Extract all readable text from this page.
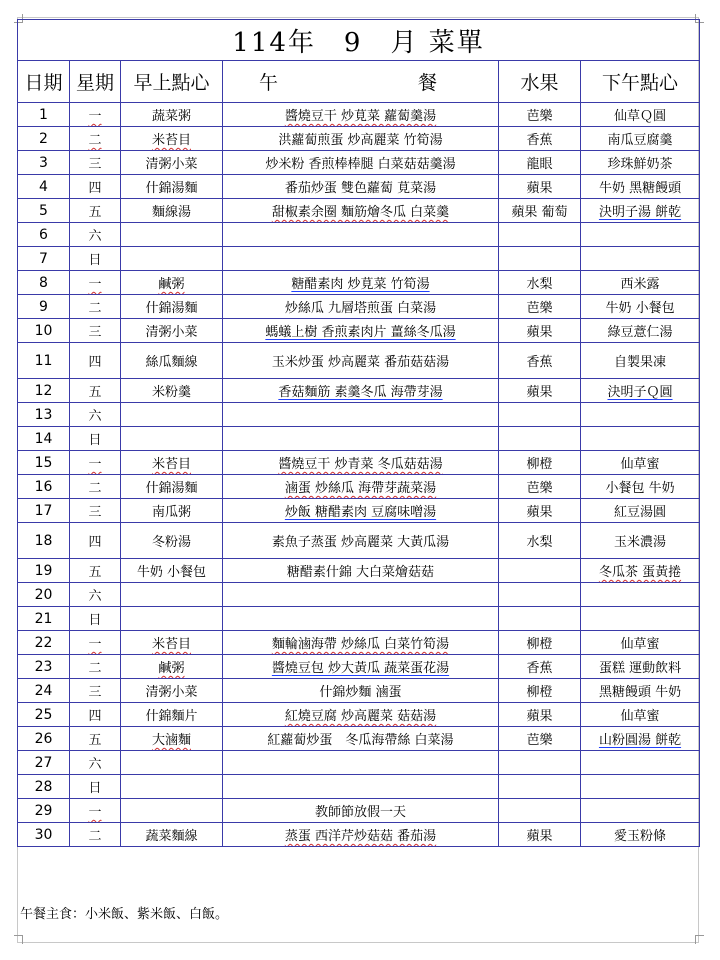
114年　9　月 菜單					
日期	星期	早上點心	午 餐	水果	下午點心
1	一	蔬菜粥	醬燒豆干 炒莧菜 蘿蔔羹湯	芭樂	仙草Ｑ圓
2	二	米苔目	洪蘿蔔煎蛋 炒高麗菜 竹筍湯	香蕉	南瓜豆腐羹
3	三	清粥小菜	炒米粉 香煎棒棒腿 白菜菇菇羹湯	龍眼	珍珠鮮奶茶
4	四	什錦湯麵	番茄炒蛋 雙色蘿蔔 莧菜湯	蘋果	牛奶 黑糖饅頭
5	五	麵線湯	甜椒素余圈 麵筋燴冬瓜 白菜羹	蘋果 葡萄	決明子湯 餅乾
6	六				
7	日				
8	一	鹹粥	糖醋素肉 炒莧菜 竹筍湯	水梨	西米露
9	二	什錦湯麵	炒絲瓜 九層塔煎蛋 白菜湯	芭樂	牛奶 小餐包
10	三	清粥小菜	螞蟻上樹 香煎素肉片 薑絲冬瓜湯	蘋果	綠豆薏仁湯
11	四	絲瓜麵線	玉米炒蛋 炒高麗菜 番茄菇菇湯	香蕉	自製果凍
12	五	米粉羹	香菇麵筋 素羹冬瓜 海帶芽湯	蘋果	決明子Ｑ圓
13	六				
14	日				
15	一	米苔目	醬燒豆干 炒青菜 冬瓜菇菇湯	柳橙	仙草蜜
16	二	什錦湯麵	滷蛋 炒絲瓜 海帶芽蔬菜湯	芭樂	小餐包 牛奶
17	三	南瓜粥	炒飯 糖醋素肉 豆腐味噌湯	蘋果	紅豆湯圓
18	四	冬粉湯	素魚子蒸蛋 炒高麗菜 大黃瓜湯	水梨	玉米濃湯
19	五	牛奶 小餐包	糖醋素什錦 大白菜燴菇菇		冬瓜茶 蛋黃捲
20	六				
21	日				
22	一	米苔目	麵輪滷海帶 炒絲瓜 白菜竹筍湯	柳橙	仙草蜜
23	二	鹹粥	醬燒豆包 炒大黃瓜 蔬菜蛋花湯	香蕉	蛋糕 運動飲料
24	三	清粥小菜	什錦炒麵 滷蛋	柳橙	黑糖饅頭 牛奶
25	四	什錦麵片	紅燒豆腐 炒高麗菜 菇菇湯	蘋果	仙草蜜
26	五	大滷麵	紅蘿蔔炒蛋　冬瓜海帶絲 白菜湯	芭樂	山粉圓湯 餅乾
27	六				
28	日				
29	一		教師節放假一天		
30	二	蔬菜麵線	蒸蛋 西洋芹炒菇菇 番茄湯	蘋果	愛玉粉條
午餐主食：小米飯、紫米飯、白飯。
